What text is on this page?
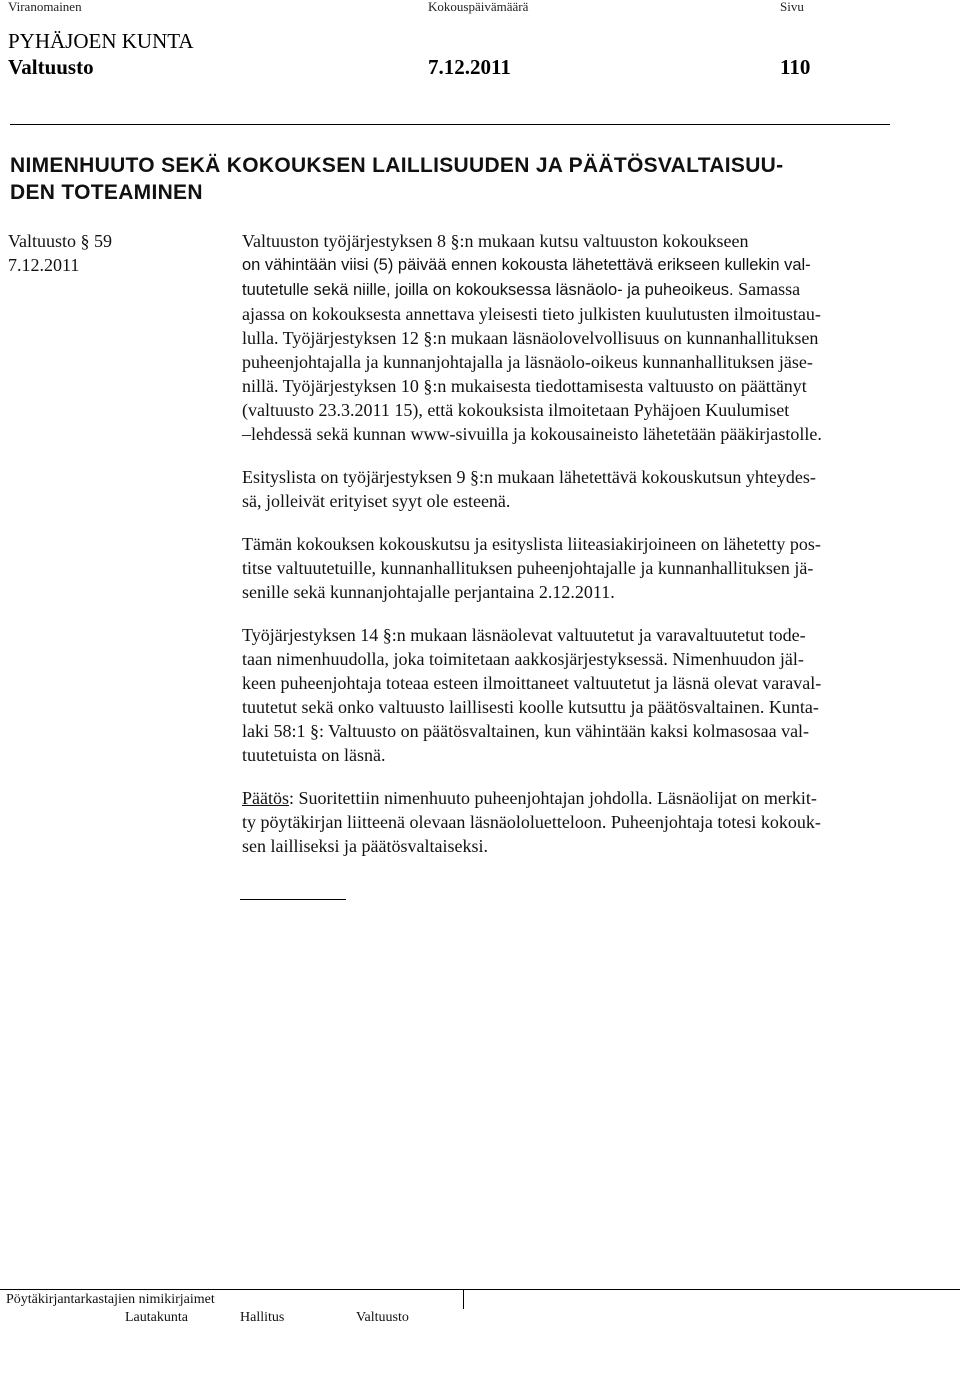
Viranomainen	Kokouspäivämäärä	Sivu
PYHÄJOEN KUNTA
Valtuusto	7.12.2011	110
NIMENHUUTO SEKÄ KOKOUKSEN LAILLISUUDEN JA PÄÄTÖSVALTAISUU-
DEN TOTEAMINEN
Valtuusto § 59
7.12.2011
Valtuuston työjärjestyksen 8 §:n mukaan kutsu valtuuston kokoukseen
on vähintään viisi (5) päivää ennen kokousta lähetettävä erikseen kullekin val-
tuutetulle sekä niille, joilla on kokouksessa läsnäolo- ja puheoikeus. Samassa
ajassa on kokouksesta annettava yleisesti tieto julkisten kuulutusten ilmoitustau-
lulla. Työjärjestyksen 12 §:n mukaan läsnäolovelvollisuus on kunnanhallituksen
puheenjohtajalla ja kunnanjohtajalla ja läsnäolo-oikeus kunnanhallituksen jäse-
nillä. Työjärjestyksen 10 §:n mukaisesta tiedottamisesta valtuusto on päättänyt
(valtuusto 23.3.2011 15), että kokouksista ilmoitetaan Pyhäjoen Kuulumiset
–lehdessä sekä kunnan www-sivuilla ja kokousaineisto lähetetään pääkirjastolle.
Esityslista on työjärjestyksen 9 §:n mukaan lähetettävä kokouskutsun yhteydes-
sä, jolleivät erityiset syyt ole esteenä.
Tämän kokouksen kokouskutsu ja esityslista liiteasiakirjoineen on lähetetty pos-
titse valtuutetuille, kunnanhallituksen puheenjohtajalle ja kunnanhallituksen jä-
senille sekä kunnanjohtajalle perjantaina 2.12.2011.
Työjärjestyksen 14 §:n mukaan läsnäolevat valtuutetut ja varavaltuutetut tode-
taan nimenhuudolla, joka toimitetaan aakkosjärjestyksessä. Nimenhuudon jäl-
keen puheenjohtaja toteaa esteen ilmoittaneet valtuutetut ja läsnä olevat varaval-
tuutetut sekä onko valtuusto laillisesti koolle kutsuttu ja päätösvaltainen. Kunta-
laki 58:1 §: Valtuusto on päätösvaltainen, kun vähintään kaksi kolmasosaa val-
tuutetuista on läsnä.
Päätös: Suoritettiin nimenhuuto puheenjohtajan johdolla. Läsnäolijat on merkit-
ty pöytäkirjan liitteenä olevaan läsnäololuetteloon. Puheenjohtaja totesi kokouk-
sen lailliseksi ja päätösvaltaiseksi.
Pöytäkirjantarkastajien nimikirjaimet
Lautakunta	Hallitus	Valtuusto
